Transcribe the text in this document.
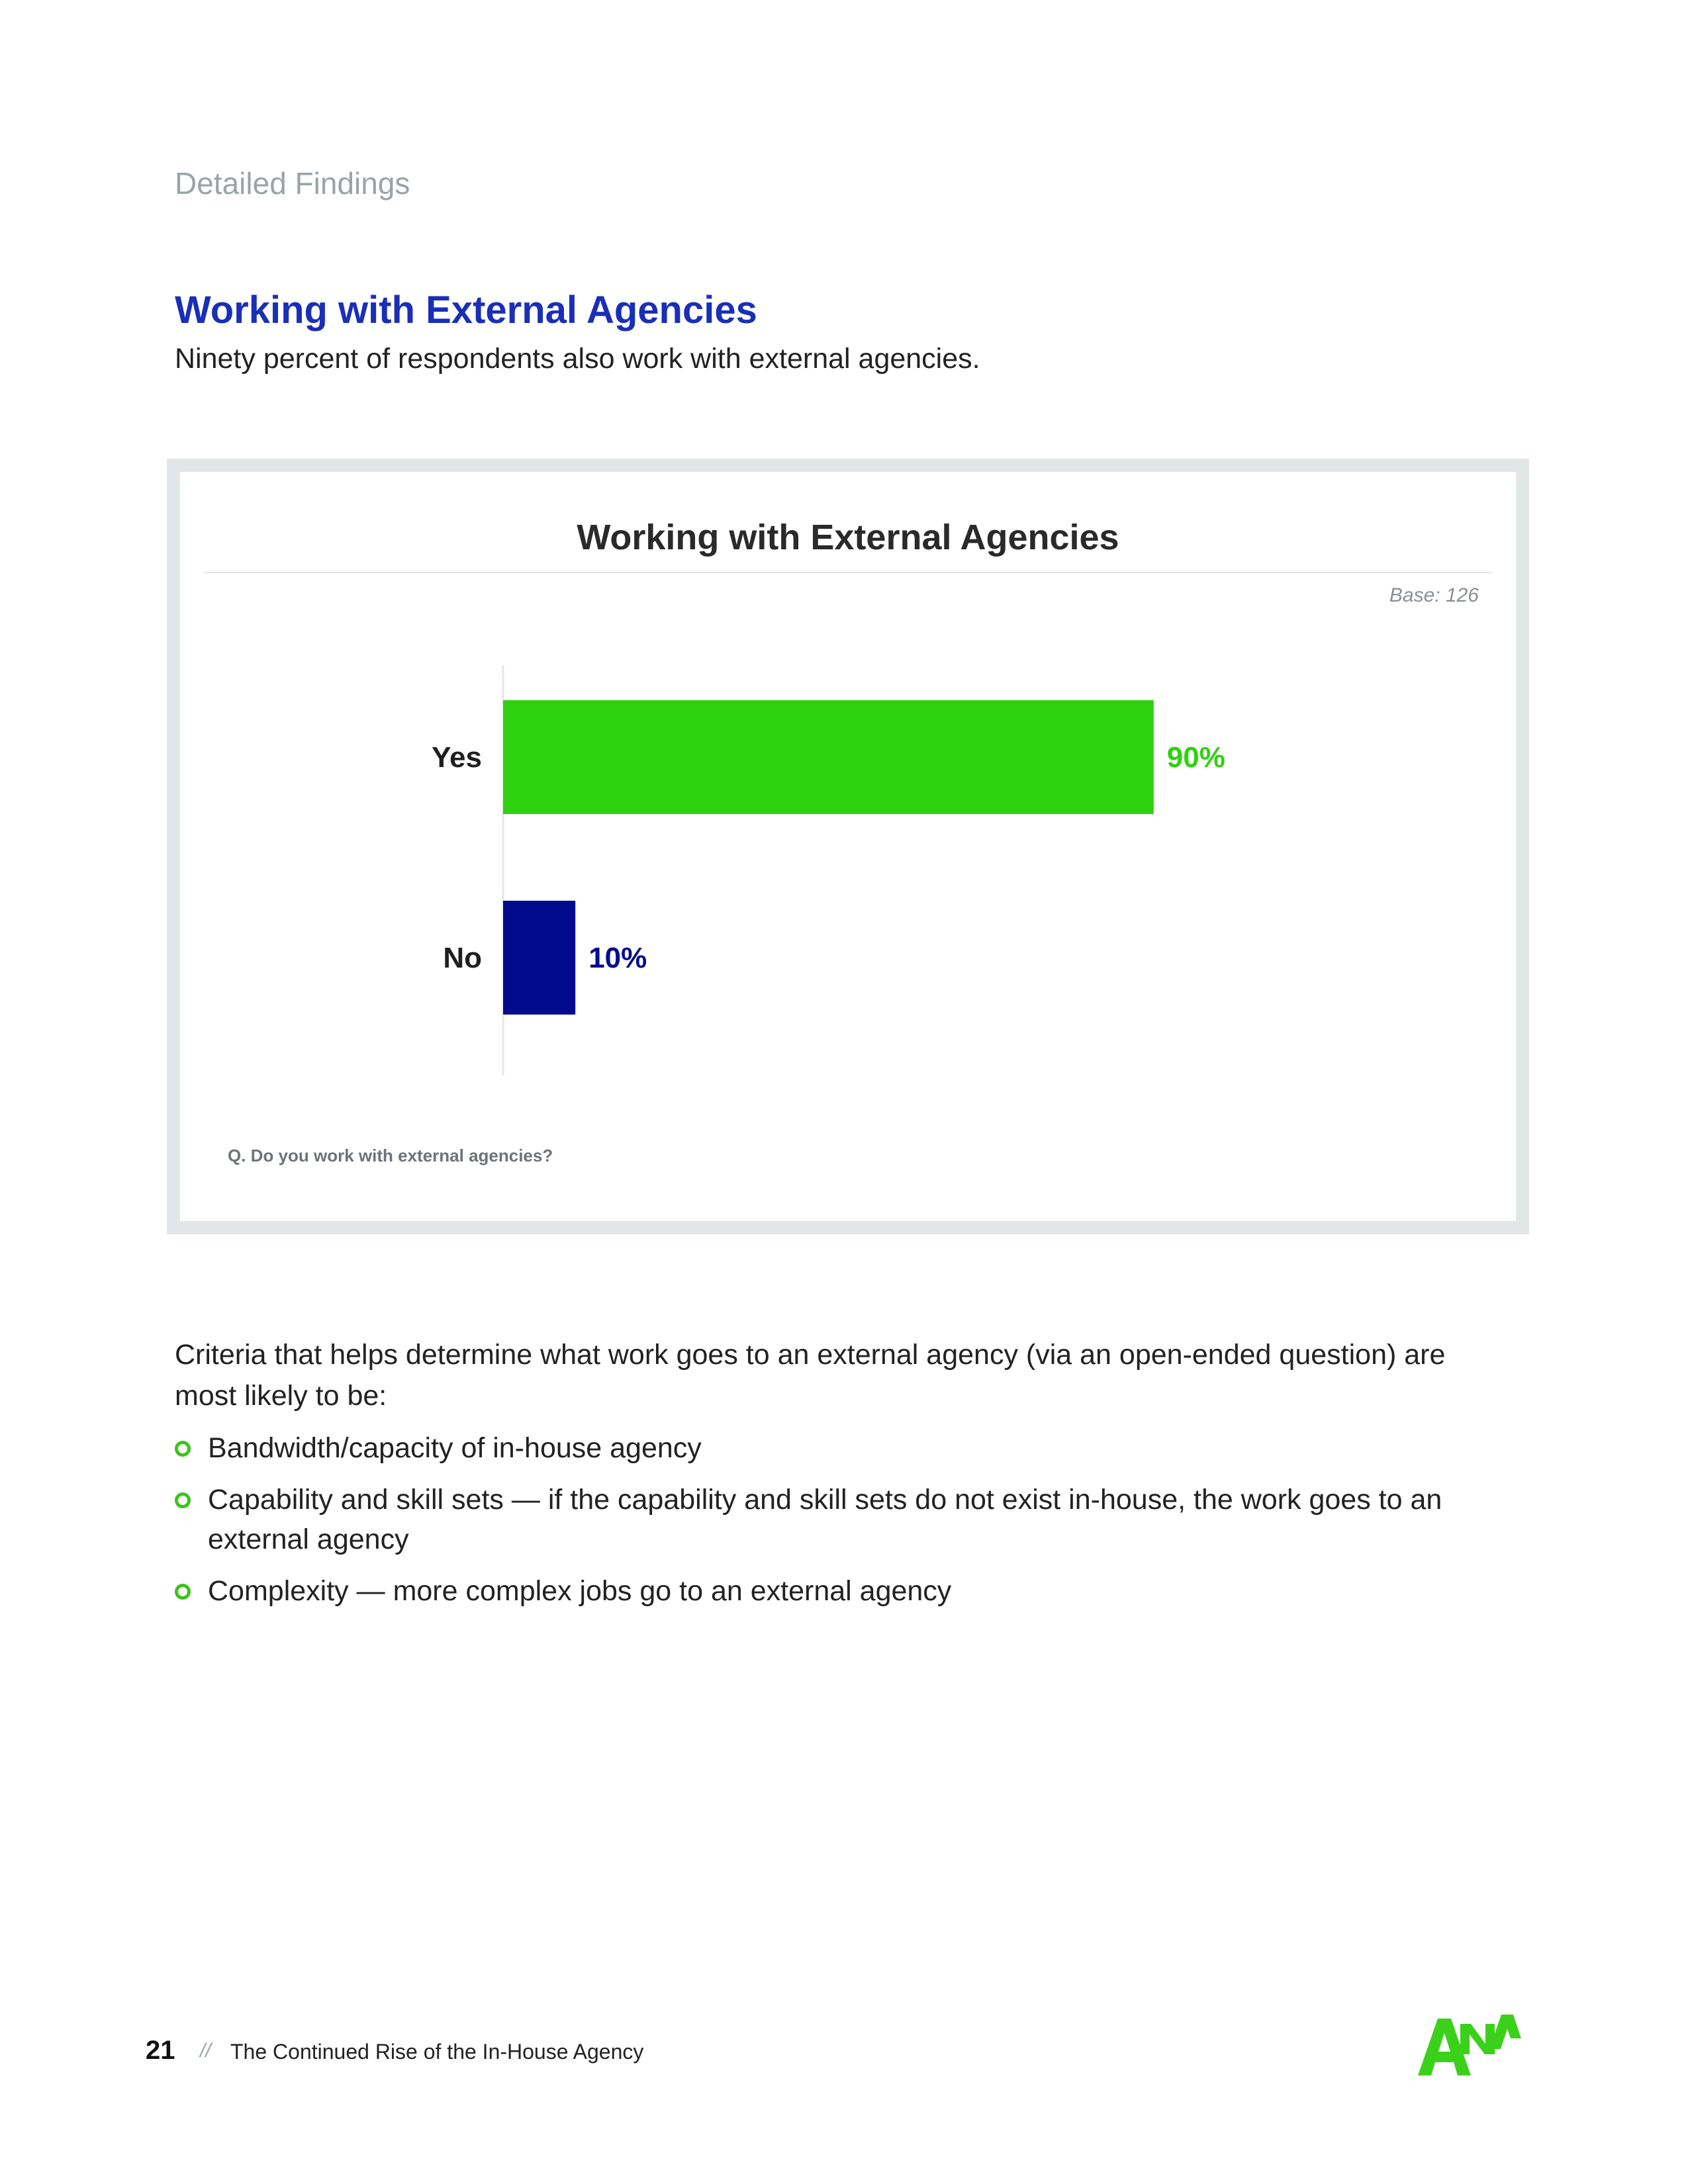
Detailed Findings
Working with External Agencies
Ninety percent of respondents also work with external agencies.
Working with External Agencies
Base: 126
Yes	90%
No	10%
Q. Do you work with external agencies?
Criteria that helps determine what work goes to an external agency (via an open-ended question) are most likely to be:
Bandwidth/capacity of in-house agency
Capability and skill sets — if the capability and skill sets do not exist in-house, the work goes to an external agency
Complexity — more complex jobs go to an external agency
21 // The Continued Rise of the In-House Agency
